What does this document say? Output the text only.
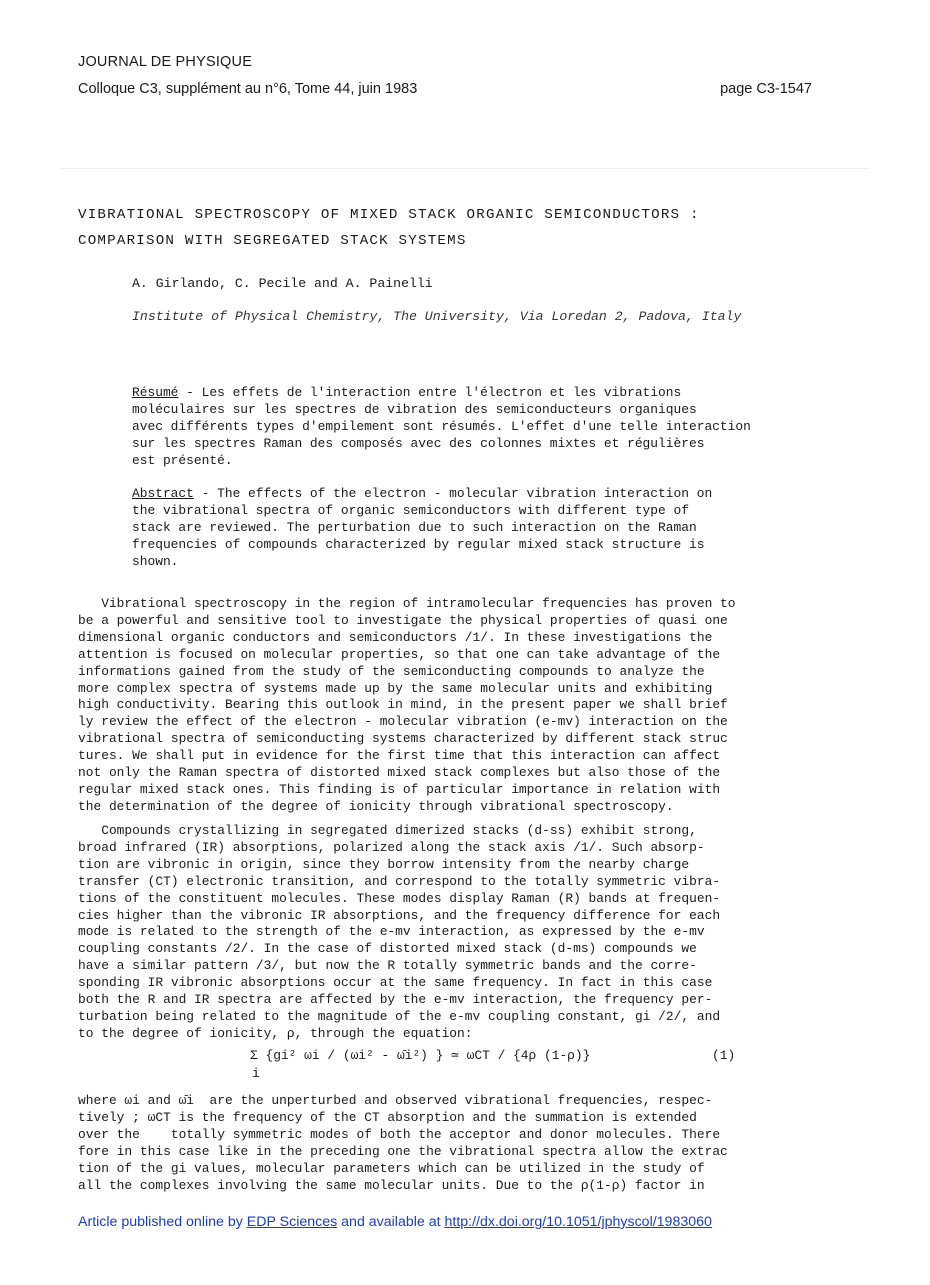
JOURNAL DE PHYSIQUE
Colloque C3, supplément au n°6, Tome 44, juin 1983	page C3-1547
VIBRATIONAL SPECTROSCOPY OF MIXED STACK ORGANIC SEMICONDUCTORS :
COMPARISON WITH SEGREGATED STACK SYSTEMS
A. Girlando, C. Pecile and A. Painelli
Institute of Physical Chemistry, The University, Via Loredan 2, Padova, Italy
Résumé - Les effets de l'interaction entre l'électron et les vibrations
moléculaires sur les spectres de vibration des semiconducteurs organiques
avec différents types d'empilement sont résumés. L'effet d'une telle interaction
sur les spectres Raman des composés avec des colonnes mixtes et régulières
est présenté.
Abstract - The effects of the electron - molecular vibration interaction on
the vibrational spectra of organic semiconductors with different type of
stack are reviewed. The perturbation due to such interaction on the Raman
frequencies of compounds characterized by regular mixed stack structure is
shown.
Vibrational spectroscopy in the region of intramolecular frequencies has proven to
be a powerful and sensitive tool to investigate the physical properties of quasi one
dimensional organic conductors and semiconductors /1/. In these investigations the
attention is focused on molecular properties, so that one can take advantage of the
informations gained from the study of the semiconducting compounds to analyze the
more complex spectra of systems made up by the same molecular units and exhibiting
high conductivity. Bearing this outlook in mind, in the present paper we shall brief
ly review the effect of the electron - molecular vibration (e-mv) interaction on the
vibrational spectra of semiconducting systems characterized by different stack struc
tures. We shall put in evidence for the first time that this interaction can affect
not only the Raman spectra of distorted mixed stack complexes but also those of the
regular mixed stack ones. This finding is of particular importance in relation with
the determination of the degree of ionicity through vibrational spectroscopy.
Compounds crystallizing in segregated dimerized stacks (d-ss) exhibit strong,
broad infrared (IR) absorptions, polarized along the stack axis /1/. Such absorp-
tion are vibronic in origin, since they borrow intensity from the nearby charge
transfer (CT) electronic transition, and correspond to the totally symmetric vibra-
tions of the constituent molecules. These modes display Raman (R) bands at frequen-
cies higher than the vibronic IR absorptions, and the frequency difference for each
mode is related to the strength of the e-mv interaction, as expressed by the e-mv
coupling constants /2/. In the case of distorted mixed stack (d-ms) compounds we
have a similar pattern /3/, but now the R totally symmetric bands and the corre-
sponding IR vibronic absorptions occur at the same frequency. In fact in this case
both the R and IR spectra are affected by the e-mv interaction, the frequency per-
turbation being related to the magnitude of the e-mv coupling constant, gi /2/, and
to the degree of ionicity, ρ, through the equation:
Σ {gi² ωi / (ωi² - ω̄i²) } ≃ ωCT / {4ρ (1-ρ)}
i
(1)
where ωi and ω̄i  are the unperturbed and observed vibrational frequencies, respec-
tively ; ωCT is the frequency of the CT absorption and the summation is extended
over the    totally symmetric modes of both the acceptor and donor molecules. There
fore in this case like in the preceding one the vibrational spectra allow the extrac
tion of the gi values, molecular parameters which can be utilized in the study of
all the complexes involving the same molecular units. Due to the ρ(1-ρ) factor in
Article published online by EDP Sciences and available at http://dx.doi.org/10.1051/jphyscol/1983060
